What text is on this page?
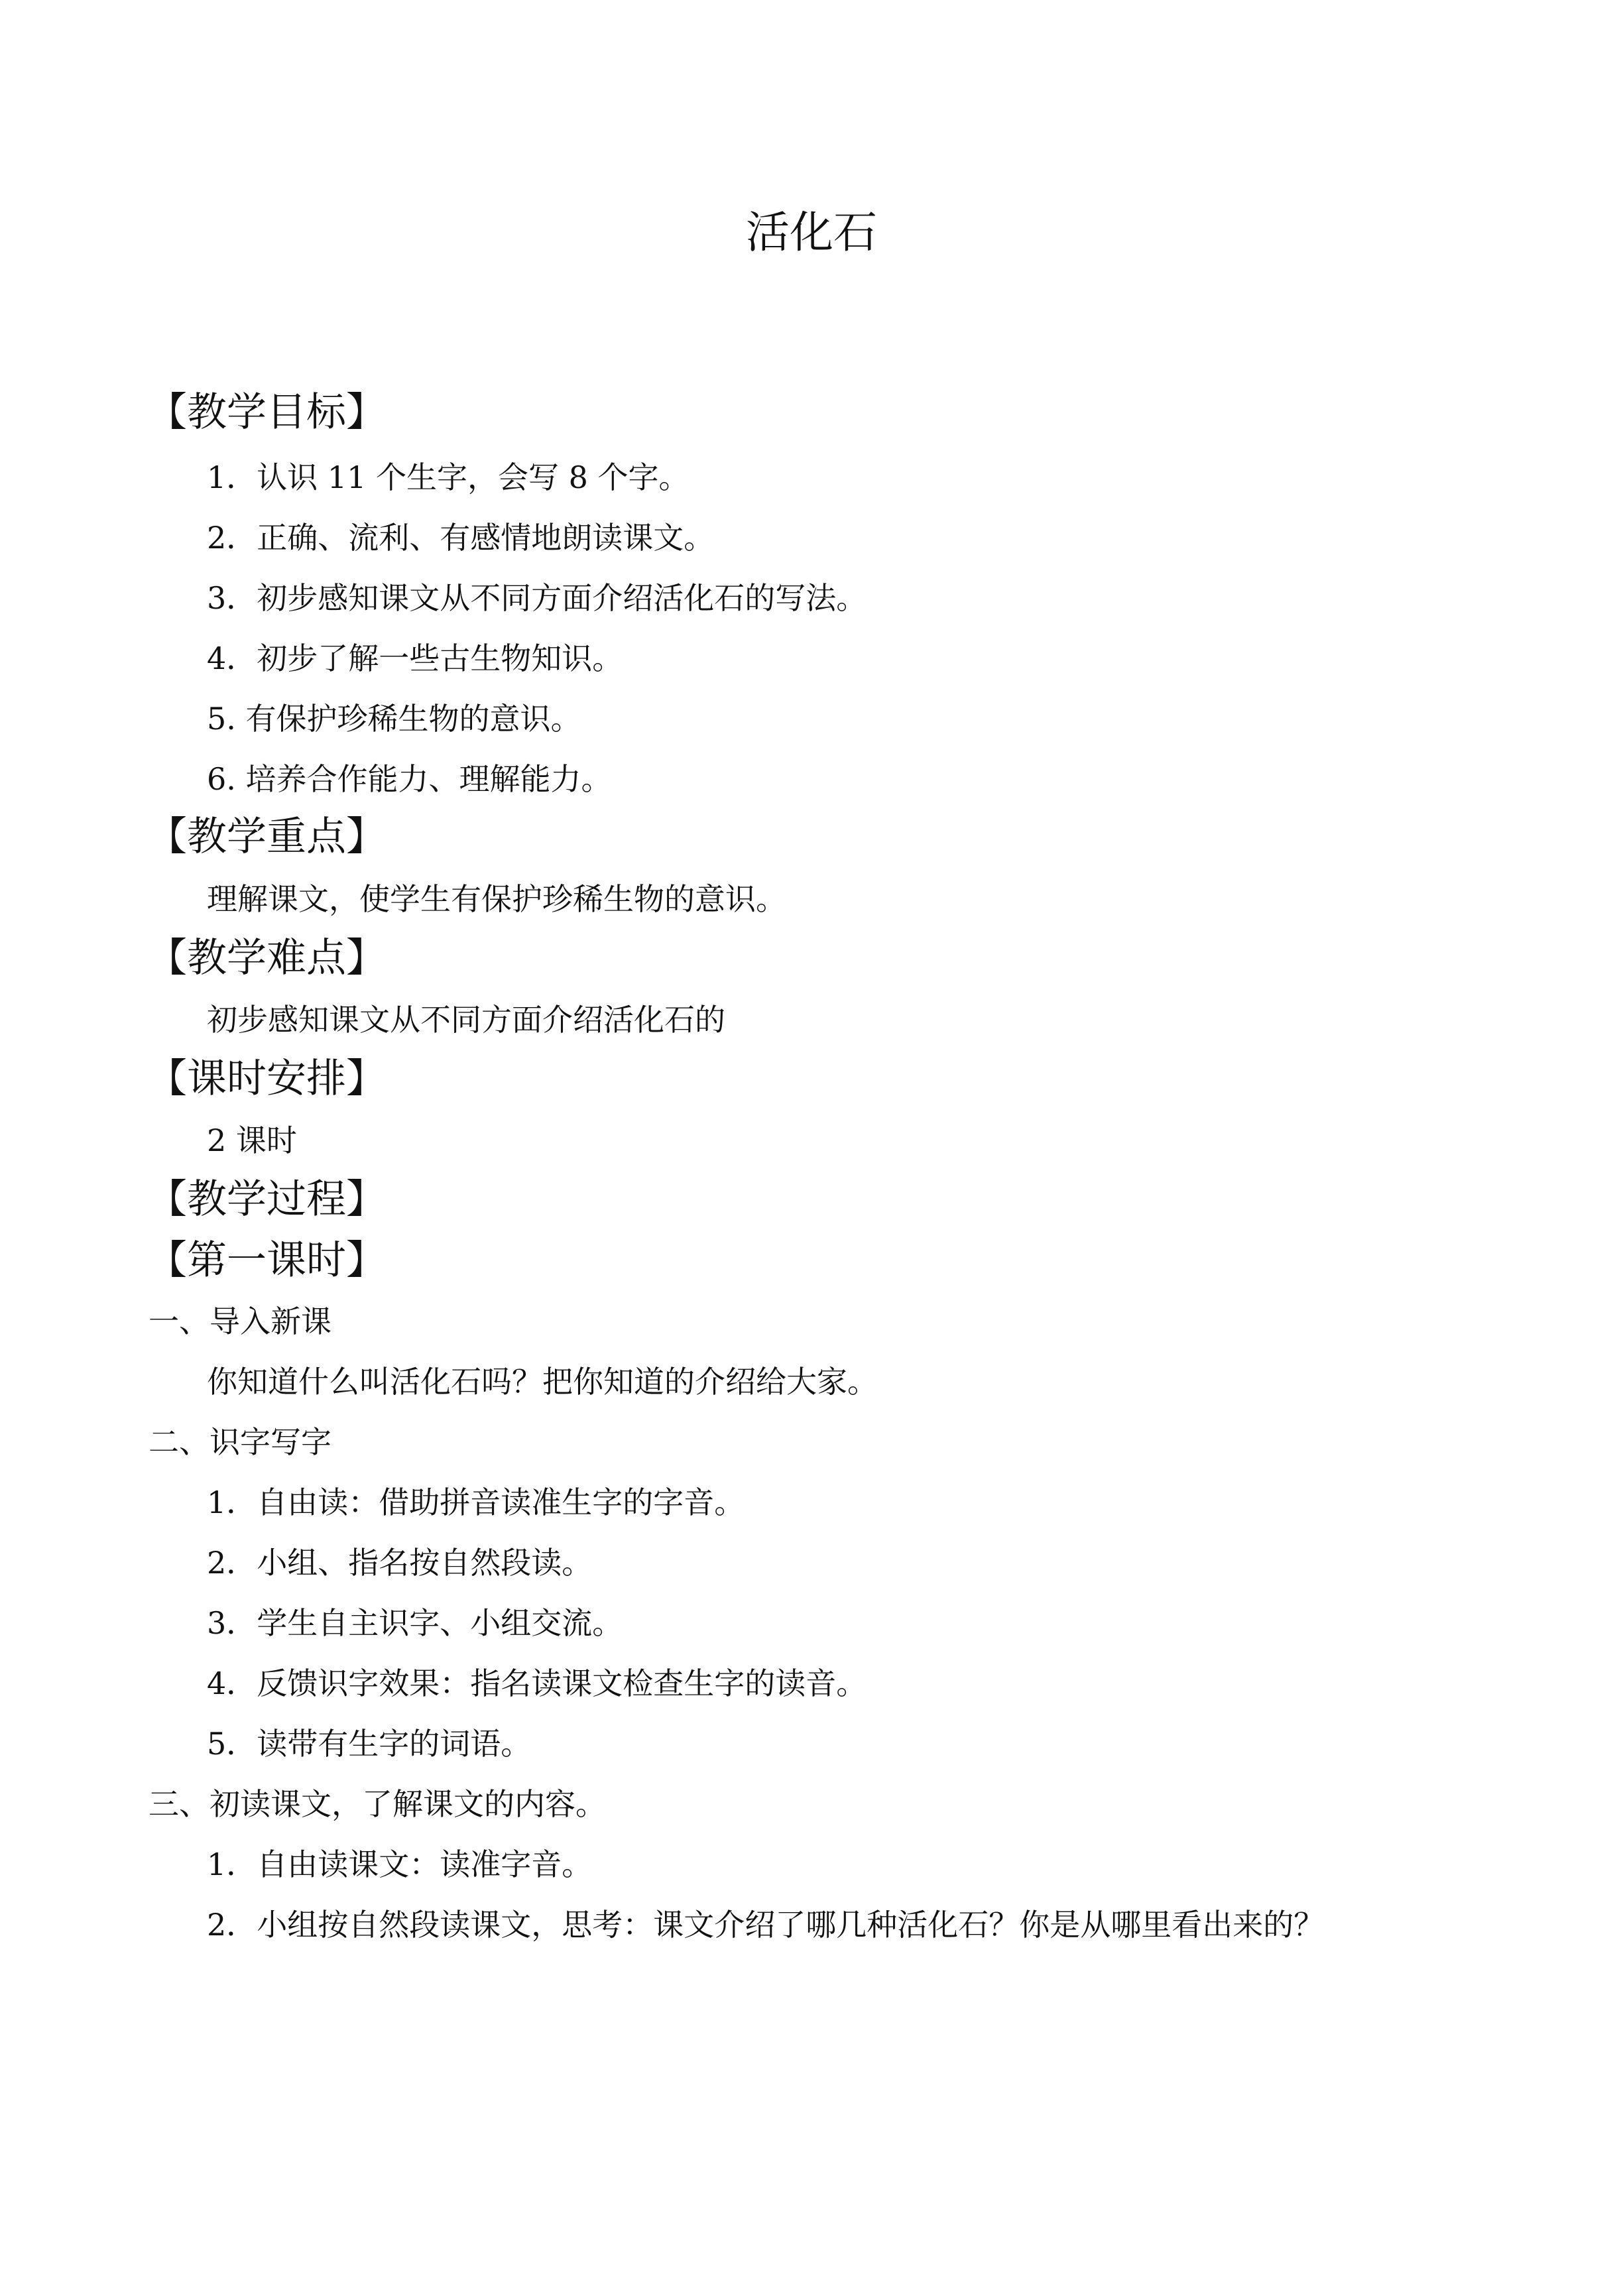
活化石
【教学目标】
1．认识 11 个生字，会写 8 个字。
2．正确、流利、有感情地朗读课文。
3．初步感知课文从不同方面介绍活化石的写法。
4．初步了解一些古生物知识。
5. 有保护珍稀生物的意识。
6. 培养合作能力、理解能力。
【教学重点】
理解课文，使学生有保护珍稀生物的意识。
【教学难点】
初步感知课文从不同方面介绍活化石的
【课时安排】
2 课时
【教学过程】
【第一课时】
一、导入新课
你知道什么叫活化石吗？把你知道的介绍给大家。
二、识字写字
1．自由读：借助拼音读准生字的字音。
2．小组、指名按自然段读。
3．学生自主识字、小组交流。
4．反馈识字效果：指名读课文检查生字的读音。
5．读带有生字的词语。
三、初读课文，了解课文的内容。
1．自由读课文：读准字音。
2．小组按自然段读课文，思考：课文介绍了哪几种活化石？你是从哪里看出来的？
